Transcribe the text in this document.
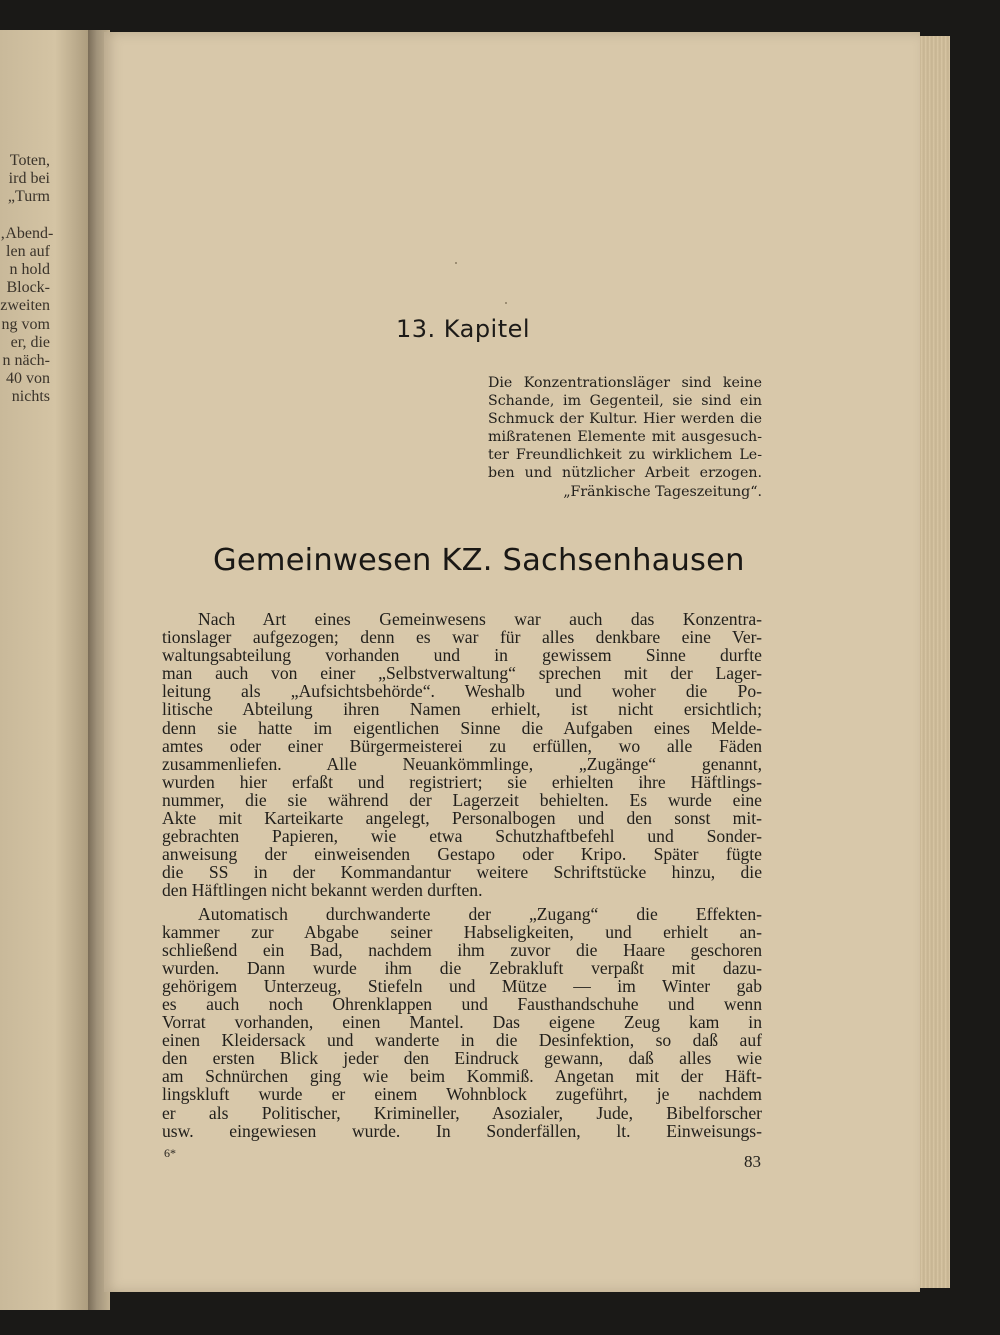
Toten,
ird bei
„Turm
‚Abend-
len auf
n hold
Block-
zweiten
ng vom
ег, die
n näch-
40 von
nichts
13. Kapitel
Die Konzentrationsläger sind keine
Schande, im Gegenteil, sie sind ein
Schmuck der Kultur. Hier werden die
mißratenen Elemente mit ausgesuch-
ter Freundlichkeit zu wirklichem Le-
ben und nützlicher Arbeit erzogen.
„Fränkische Tageszeitung“.
Gemeinwesen KZ. Sachsenhausen
Nach Art eines Gemeinwesens war auch das Konzentra-
tionslager aufgezogen; denn es war für alles denkbare eine Ver-
waltungsabteilung vorhanden und in gewissem Sinne durfte
man auch von einer „Selbstverwaltung“ sprechen mit der Lager-
leitung als „Aufsichtsbehörde“. Weshalb und woher die Po-
litische Abteilung ihren Namen erhielt, ist nicht ersichtlich;
denn sie hatte im eigentlichen Sinne die Aufgaben eines Melde-
amtes oder einer Bürgermeisterei zu erfüllen, wo alle Fäden
zusammenliefen. Alle Neuankömmlinge, „Zugänge“ genannt,
wurden hier erfaßt und registriert; sie erhielten ihre Häftlings-
nummer, die sie während der Lagerzeit behielten. Es wurde eine
Akte mit Karteikarte angelegt, Personalbogen und den sonst mit-
gebrachten Papieren, wie etwa Schutzhaftbefehl und Sonder-
anweisung der einweisenden Gestapo oder Kripo. Später fügte
die SS in der Kommandantur weitere Schriftstücke hinzu, die
den Häftlingen nicht bekannt werden durften.
Automatisch durchwanderte der „Zugang“ die Effekten-
kammer zur Abgabe seiner Habseligkeiten, und erhielt an-
schließend ein Bad, nachdem ihm zuvor die Haare geschoren
wurden. Dann wurde ihm die Zebrakluft verpaßt mit dazu-
gehörigem Unterzeug, Stiefeln und Mütze — im Winter gab
es auch noch Ohrenklappen und Fausthandschuhe und wenn
Vorrat vorhanden, einen Mantel. Das eigene Zeug kam in
einen Kleidersack und wanderte in die Desinfektion, so daß auf
den ersten Blick jeder den Eindruck gewann, daß alles wie
am Schnürchen ging wie beim Kommiß. Angetan mit der Häft-
lingskluft wurde er einem Wohnblock zugeführt, je nachdem
er als Politischer, Krimineller, Asozialer, Jude, Bibelforscher
usw. eingewiesen wurde. In Sonderfällen, lt. Einweisungs-
6*	83
